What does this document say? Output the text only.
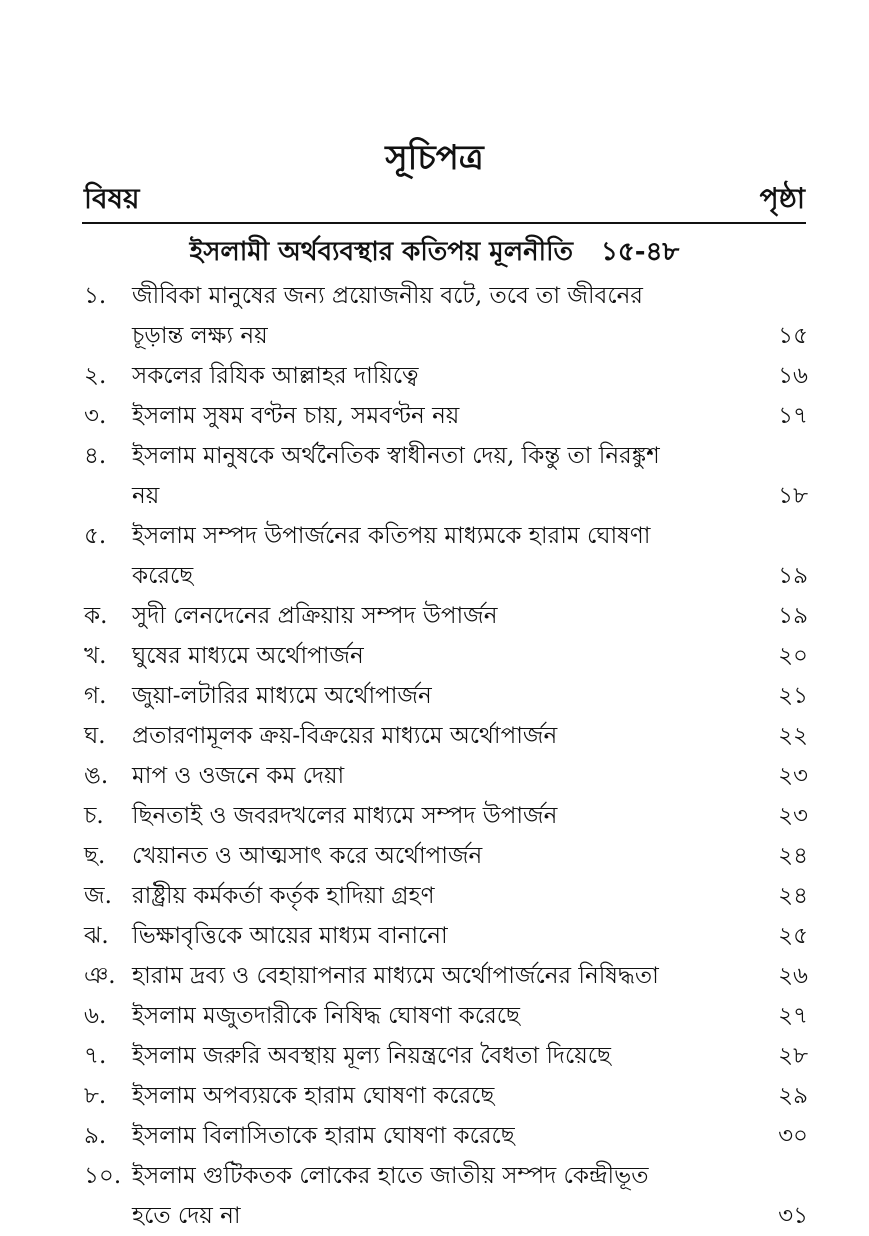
সূচিপত্র
বিষয়	পৃষ্ঠা
ইসলামী অর্থব্যবস্থার কতিপয় মূলনীতি ১৫-৪৮
১.	জীবিকা মানুষের জন্য প্রয়োজনীয় বটে, তবে তা জীবনের
চূড়ান্ত লক্ষ্য নয়	১৫
২.	সকলের রিযিক আল্লাহর দায়িত্বে	১৬
৩.	ইসলাম সুষম বণ্টন চায়, সমবণ্টন নয়	১৭
৪.	ইসলাম মানুষকে অর্থনৈতিক স্বাধীনতা দেয়, কিন্তু তা নিরঙ্কুশ
নয়	১৮
৫.	ইসলাম সম্পদ উপার্জনের কতিপয় মাধ্যমকে হারাম ঘোষণা
করেছে	১৯
ক.	সুদী লেনদেনের প্রক্রিয়ায় সম্পদ উপার্জন	১৯
খ.	ঘুষের মাধ্যমে অর্থোপার্জন	২০
গ.	জুয়া-লটারির মাধ্যমে অর্থোপার্জন	২১
ঘ.	প্রতারণামূলক ক্রয়-বিক্রয়ের মাধ্যমে অর্থোপার্জন	২২
ঙ.	মাপ ও ওজনে কম দেয়া	২৩
চ.	ছিনতাই ও জবরদখলের মাধ্যমে সম্পদ উপার্জন	২৩
ছ.	খেয়ানত ও আত্মসাৎ করে অর্থোপার্জন	২৪
জ. রাষ্ট্রীয় কর্মকর্তা কর্তৃক হাদিয়া গ্রহণ	২৪
ঝ.	ভিক্ষাবৃত্তিকে আয়ের মাধ্যম বানানো	২৫
ঞ. হারাম দ্রব্য ও বেহায়াপনার মাধ্যমে অর্থোপার্জনের নিষিদ্ধতা	২৬
৬.	ইসলাম মজুতদারীকে নিষিদ্ধ ঘোষণা করেছে	২৭
৭.	ইসলাম জরুরি অবস্থায় মূল্য নিয়ন্ত্রণের বৈধতা দিয়েছে	২৮
৮.	ইসলাম অপব্যয়কে হারাম ঘোষণা করেছে	২৯
৯.	ইসলাম বিলাসিতাকে হারাম ঘোষণা করেছে	৩০
১০. ইসলাম গুটিকতক লোকের হাতে জাতীয় সম্পদ কেন্দ্রীভূত
হতে দেয় না	৩১
